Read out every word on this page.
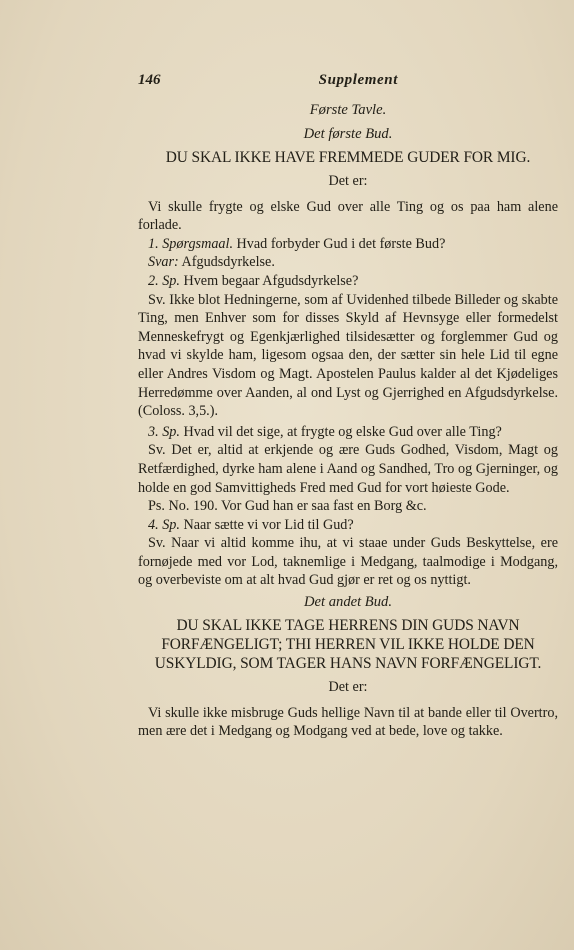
146	Supplement
Første Tavle.
Det første Bud.
DU SKAL IKKE HAVE FREMMEDE GUDER FOR MIG.
Det er:

Vi skulle frygte og elske Gud over alle Ting og os paa ham alene forlade.

1. Spørgsmaal. Hvad forbyder Gud i det første Bud?
Svar: Afgudsdyrkelse.
2. Sp. Hvem begaar Afgudsdyrkelse?

Sv. Ikke blot Hedningerne, som af Uvidenhed tilbede Billeder og skabte Ting, men Enhver som for disses Skyld af Hevnsyge eller formedelst Menneskefrygt og Egenkjærlighed tilsidesætter og forglemmer Gud og hvad vi skylde ham, ligesom ogsaa den, der sætter sin hele Lid til egne eller Andres Visdom og Magt. Apostelen Paulus kalder al det Kjødeliges Herredømme over Aanden, al ond Lyst og Gjerrighed en Afgudsdyrkelse. (Coloss. 3,5.).

3. Sp. Hvad vil det sige, at frygte og elske Gud over alle Ting?

Sv. Det er, altid at erkjende og ære Guds Godhed, Visdom, Magt og Retfærdighed, dyrke ham alene i Aand og Sandhed, Tro og Gjerninger, og holde en god Samvittigheds Fred med Gud for vort høieste Gode.

Ps. No. 190. Vor Gud han er saa fast en Borg &c.
4. Sp. Naar sætte vi vor Lid til Gud?

Sv. Naar vi altid komme ihu, at vi staae under Guds Beskyttelse, ere fornøjede med vor Lod, taknemlige i Medgang, taalmodige i Modgang, og overbeviste om at alt hvad Gud gjør er ret og os nyttigt.

Det andet Bud.
DU SKAL IKKE TAGE HERRENS DIN GUDS NAVN FORFÆNGELIGT; THI HERREN VIL IKKE HOLDE DEN USKYLDIG, SOM TAGER HANS NAVN FORFÆNGELIGT.
Det er:

Vi skulle ikke misbruge Guds hellige Navn til at bande eller til Overtro, men ære det i Medgang og Modgang ved at bede, love og takke.
